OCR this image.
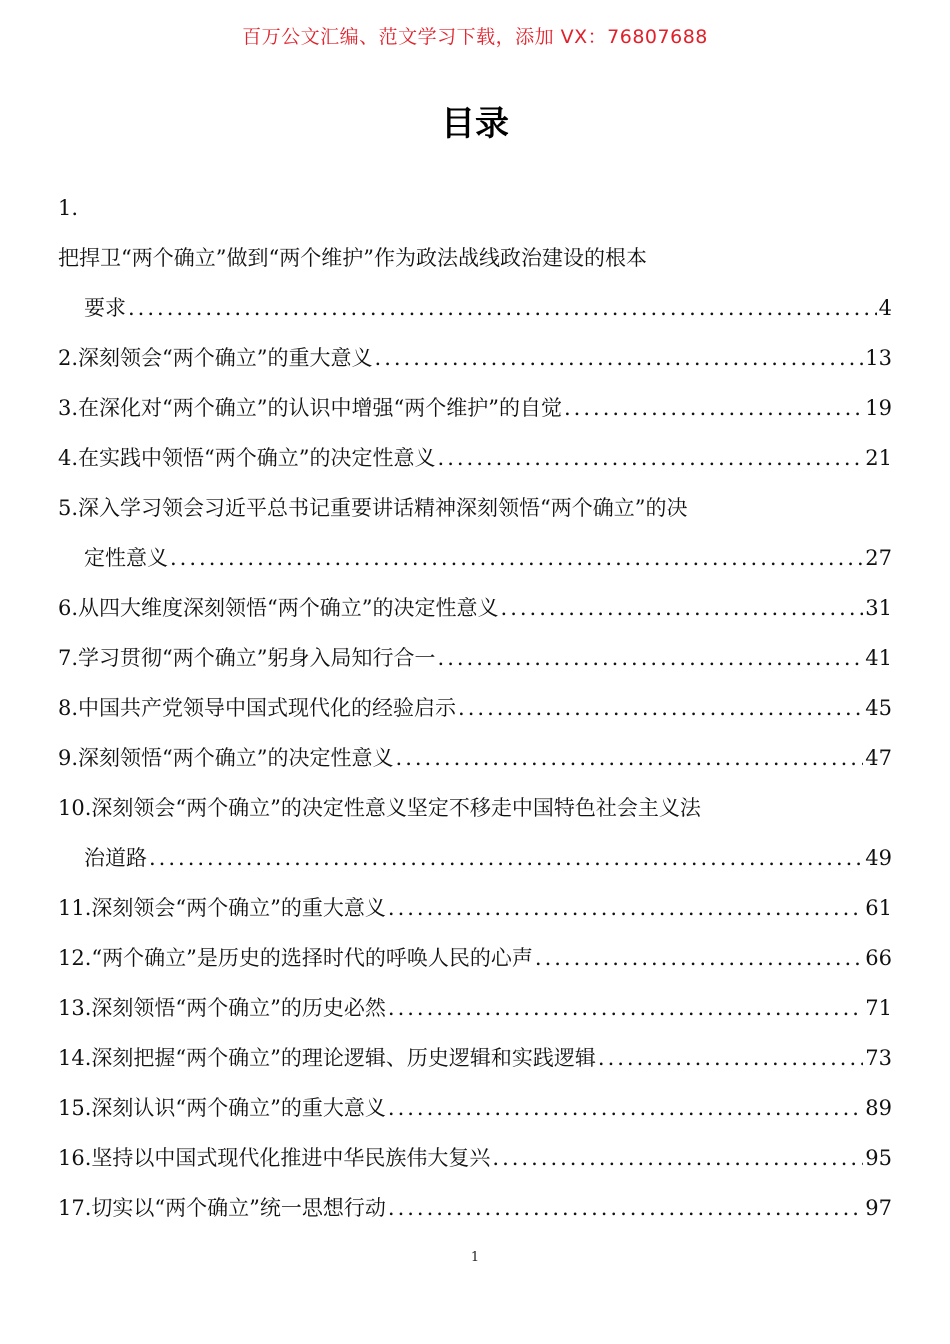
百万公文汇编、范文学习下载，添加 VX：76807688
目录
1.
把捍卫“两个确立”做到“两个维护”作为政法战线政治建设的根本
要求 .....	4
2. 深刻领会“两个确立”的重大意义 .....	13
3. 在深化对“两个确立”的认识中增强“两个维护”的自觉 .....	19
4. 在实践中领悟“两个确立”的决定性意义 .....	21
5. 深入学习领会习近平总书记重要讲话精神深刻领悟“两个确立”的决
定性意义 .....	27
6. 从四大维度深刻领悟“两个确立”的决定性意义 .....	31
7. 学习贯彻“两个确立”躬身入局知行合一 .....	41
8. 中国共产党领导中国式现代化的经验启示 .....	45
9. 深刻领悟“两个确立”的决定性意义 .....	47
10. 深刻领会“两个确立”的决定性意义坚定不移走中国特色社会主义法
治道路 .....	49
11. 深刻领会“两个确立”的重大意义 .....	61
12. “两个确立”是历史的选择时代的呼唤人民的心声 .....	66
13. 深刻领悟“两个确立”的历史必然 .....	71
14. 深刻把握“两个确立”的理论逻辑、历史逻辑和实践逻辑 .....	73
15. 深刻认识“两个确立”的重大意义 .....	89
16. 坚持以中国式现代化推进中华民族伟大复兴 .....	95
17. 切实以“两个确立”统一思想行动 .....	97
1
